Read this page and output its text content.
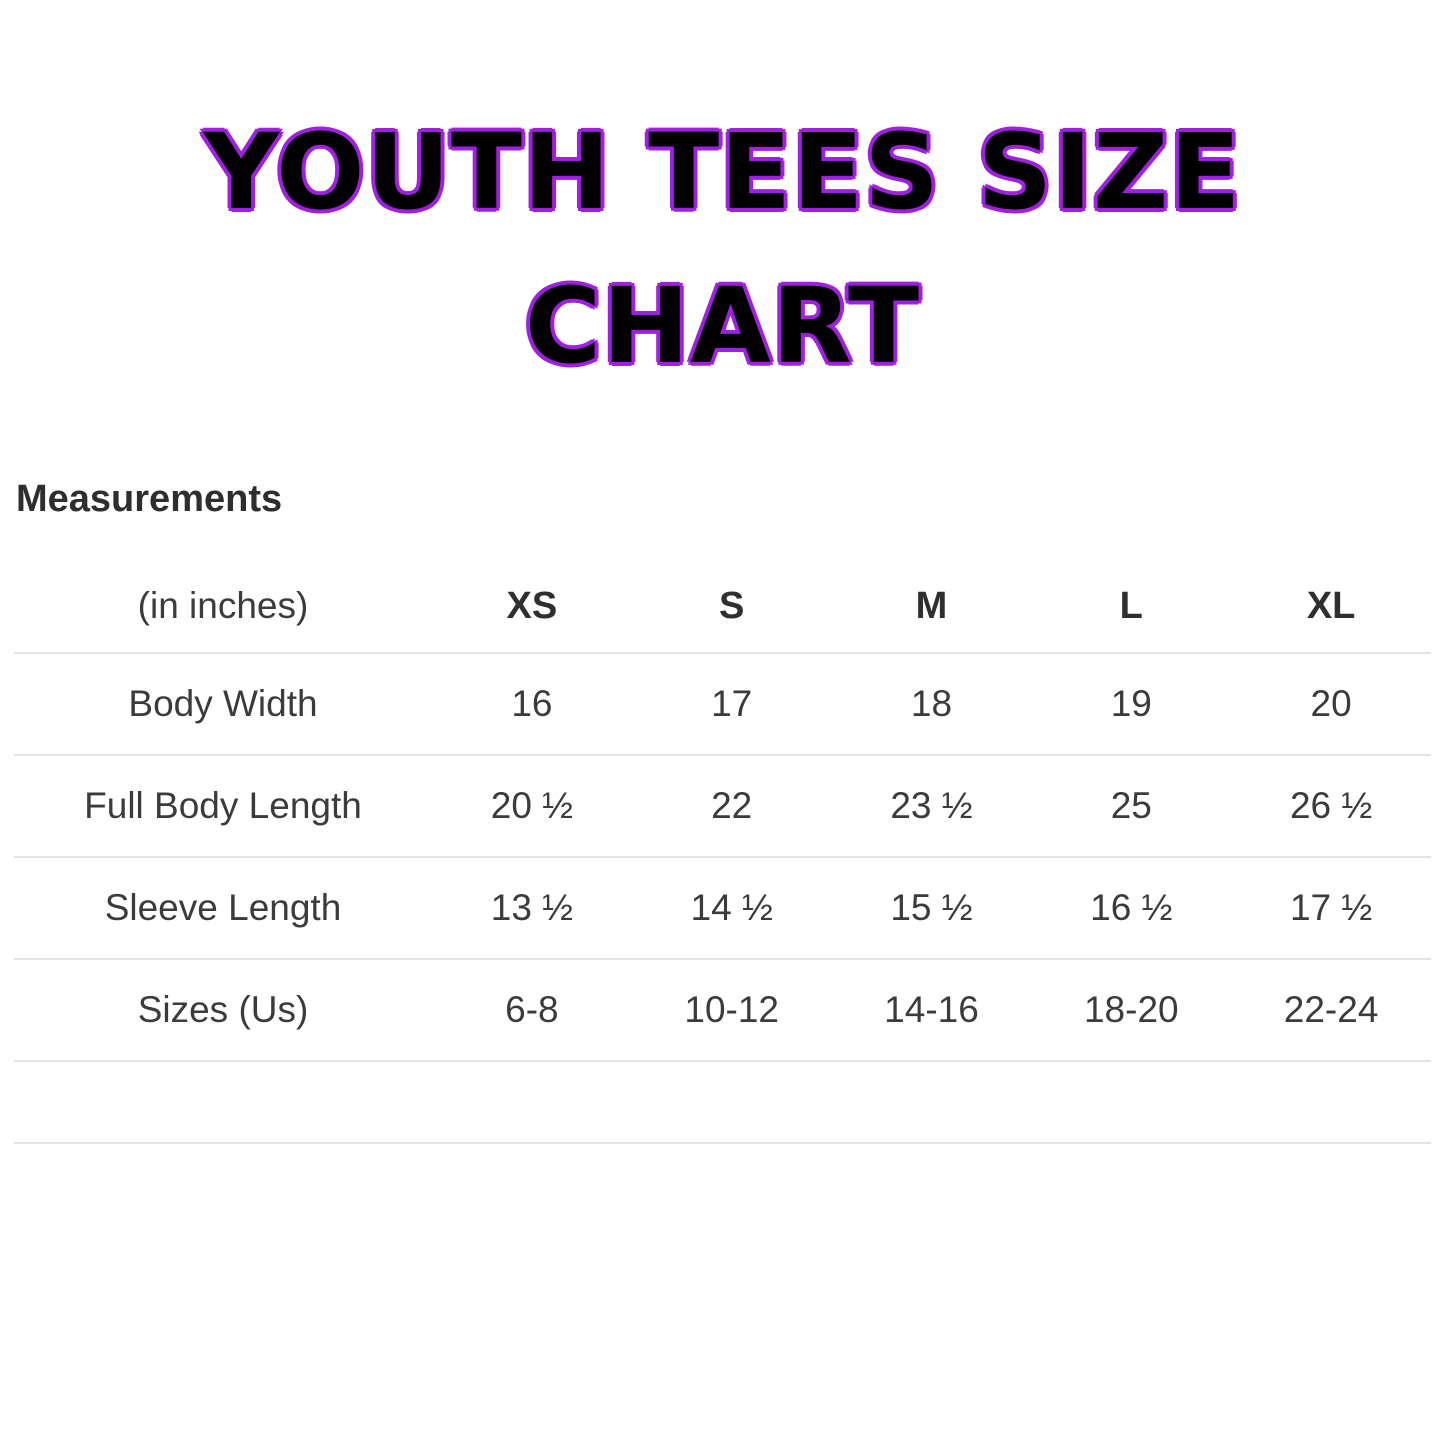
YOUTH TEES SIZE CHART
Measurements
(in inches)	XS	S	M	L	XL
Body Width	16	17	18	19	20
Full Body Length	20 ½	22	23 ½	25	26 ½
Sleeve Length	13 ½	14 ½	15 ½	16 ½	17 ½
Sizes (Us)	6-8	10-12	14-16	18-20	22-24
